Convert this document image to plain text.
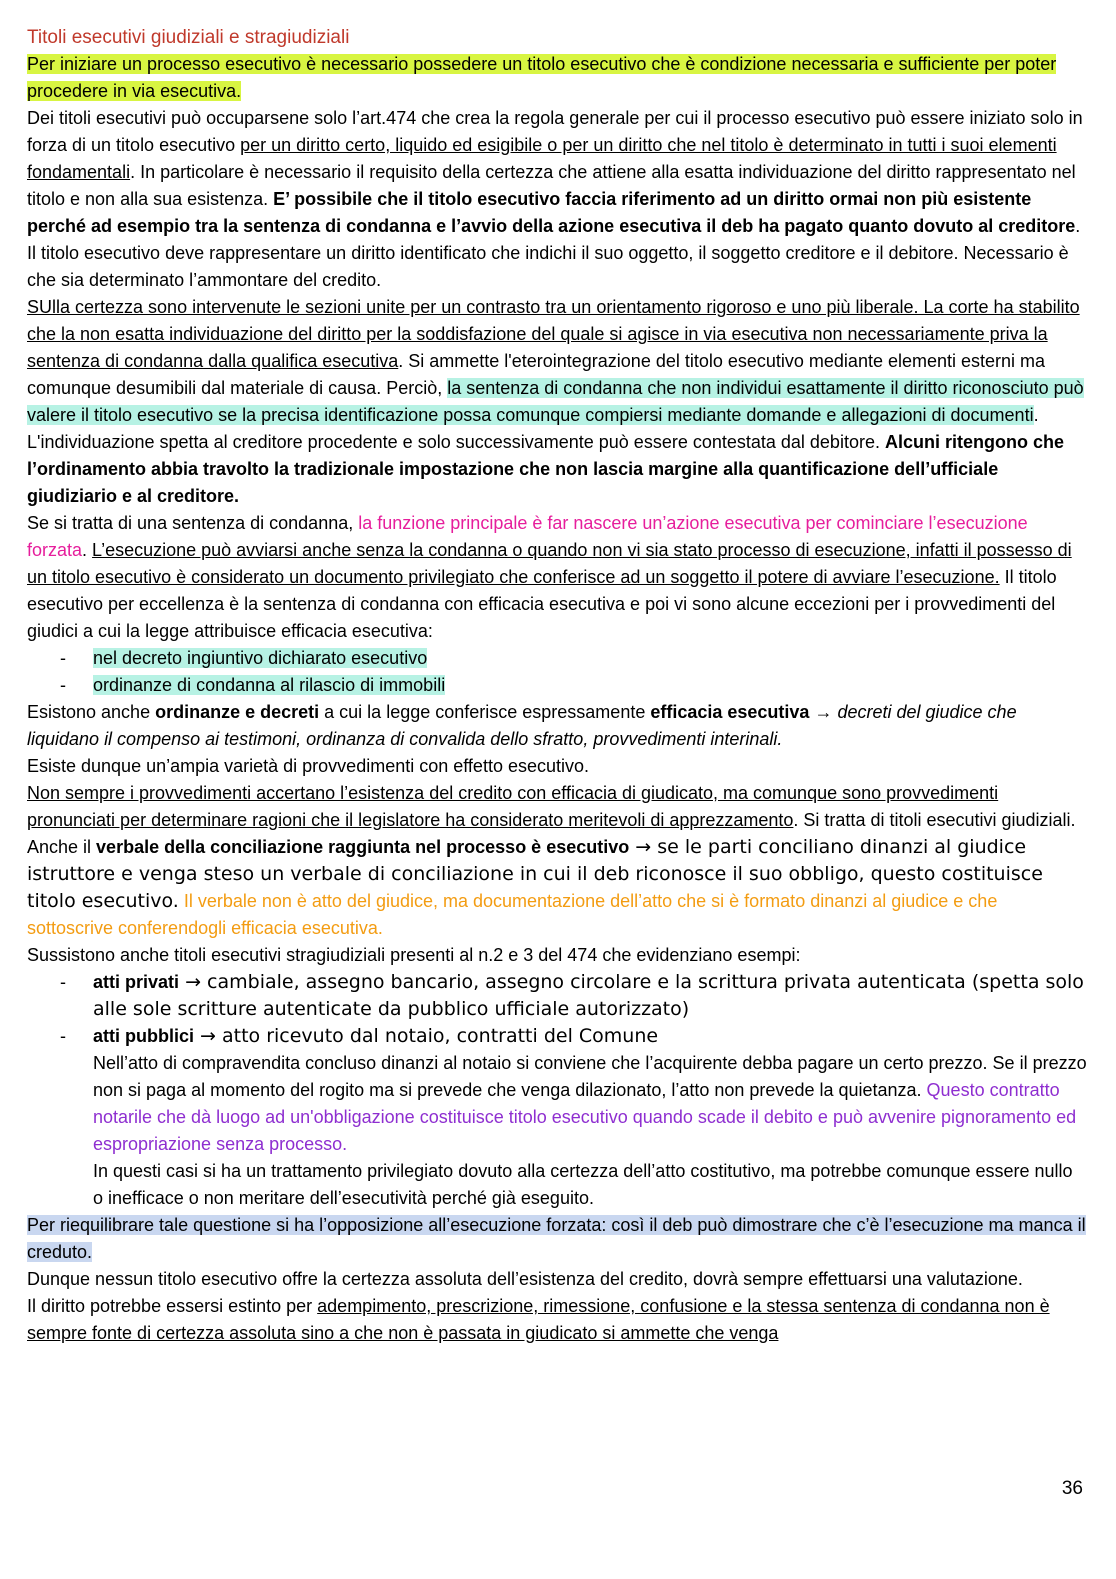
Titoli esecutivi giudiziali e stragiudiziali
Per iniziare un processo esecutivo è necessario possedere un titolo esecutivo che è condizione necessaria e sufficiente per poter procedere in via esecutiva.
Dei titoli esecutivi può occuparsene solo l’art.474 che crea la regola generale per cui il processo esecutivo può essere iniziato solo in forza di un titolo esecutivo per un diritto certo, liquido ed esigibile o per un diritto che nel titolo è determinato in tutti i suoi elementi fondamentali. In particolare è necessario il requisito della certezza che attiene alla esatta individuazione del diritto rappresentato nel titolo e non alla sua esistenza. E’ possibile che il titolo esecutivo faccia riferimento ad un diritto ormai non più esistente perché ad esempio tra la sentenza di condanna e l’avvio della azione esecutiva il deb ha pagato quanto dovuto al creditore. Il titolo esecutivo deve rappresentare un diritto identificato che indichi il suo oggetto, il soggetto creditore e il debitore. Necessario è che sia determinato l’ammontare del credito.
SUlla certezza sono intervenute le sezioni unite per un contrasto tra un orientamento rigoroso e uno più liberale. La corte ha stabilito che la non esatta individuazione del diritto per la soddisfazione del quale si agisce in via esecutiva non necessariamente priva la sentenza di condanna dalla qualifica esecutiva. Si ammette l'eterointegrazione del titolo esecutivo mediante elementi esterni ma comunque desumibili dal materiale di causa. Perciò, la sentenza di condanna che non individui esattamente il diritto riconosciuto può valere il titolo esecutivo se la precisa identificazione possa comunque compiersi mediante domande e allegazioni di documenti. L'individuazione spetta al creditore procedente e solo successivamente può essere contestata dal debitore. Alcuni ritengono che l’ordinamento abbia travolto la tradizionale impostazione che non lascia margine alla quantificazione dell’ufficiale giudiziario e al creditore.
Se si tratta di una sentenza di condanna, la funzione principale è far nascere un’azione esecutiva per cominciare l’esecuzione forzata. L’esecuzione può avviarsi anche senza la condanna o quando non vi sia stato processo di esecuzione, infatti il possesso di un titolo esecutivo è considerato un documento privilegiato che conferisce ad un soggetto il potere di avviare l’esecuzione. Il titolo esecutivo per eccellenza è la sentenza di condanna con efficacia esecutiva e poi vi sono alcune eccezioni per i provvedimenti del giudici a cui la legge attribuisce efficacia esecutiva:
- nel decreto ingiuntivo dichiarato esecutivo
- ordinanze di condanna al rilascio di immobili
Esistono anche ordinanze e decreti a cui la legge conferisce espressamente efficacia esecutiva → decreti del giudice che liquidano il compenso ai testimoni, ordinanza di convalida dello sfratto, provvedimenti interinali.
Esiste dunque un’ampia varietà di provvedimenti con effetto esecutivo.
Non sempre i provvedimenti accertano l’esistenza del credito con efficacia di giudicato, ma comunque sono provvedimenti pronunciati per determinare ragioni che il legislatore ha considerato meritevoli di apprezzamento. Si tratta di titoli esecutivi giudiziali.
Anche il verbale della conciliazione raggiunta nel processo è esecutivo → se le parti conciliano dinanzi al giudice istruttore e venga steso un verbale di conciliazione in cui il deb riconosce il suo obbligo, questo costituisce titolo esecutivo. Il verbale non è atto del giudice, ma documentazione dell’atto che si è formato dinanzi al giudice e che sottoscrive conferendogli efficacia esecutiva.
Sussistono anche titoli esecutivi stragiudiziali presenti al n.2 e 3 del 474 che evidenziano esempi:
- atti privati → cambiale, assegno bancario, assegno circolare e la scrittura privata autenticata (spetta solo alle sole scritture autenticate da pubblico ufficiale autorizzato)
- atti pubblici → atto ricevuto dal notaio, contratti del Comune
Nell’atto di compravendita concluso dinanzi al notaio si conviene che l’acquirente debba pagare un certo prezzo. Se il prezzo non si paga al momento del rogito ma si prevede che venga dilazionato, l’atto non prevede la quietanza. Questo contratto notarile che dà luogo ad un'obbligazione costituisce titolo esecutivo quando scade il debito e può avvenire pignoramento ed espropriazione senza processo.
In questi casi si ha un trattamento privilegiato dovuto alla certezza dell’atto costitutivo, ma potrebbe comunque essere nullo o inefficace o non meritare dell’esecutività perché già eseguito.
Per riequilibrare tale questione si ha l’opposizione all’esecuzione forzata: così il deb può dimostrare che c’è l’esecuzione ma manca il creduto.
Dunque nessun titolo esecutivo offre la certezza assoluta dell’esistenza del credito, dovrà sempre effettuarsi una valutazione.
Il diritto potrebbe essersi estinto per adempimento, prescrizione, rimessione, confusione e la stessa sentenza di condanna non è sempre fonte di certezza assoluta sino a che non è passata in giudicato si ammette che venga
36
